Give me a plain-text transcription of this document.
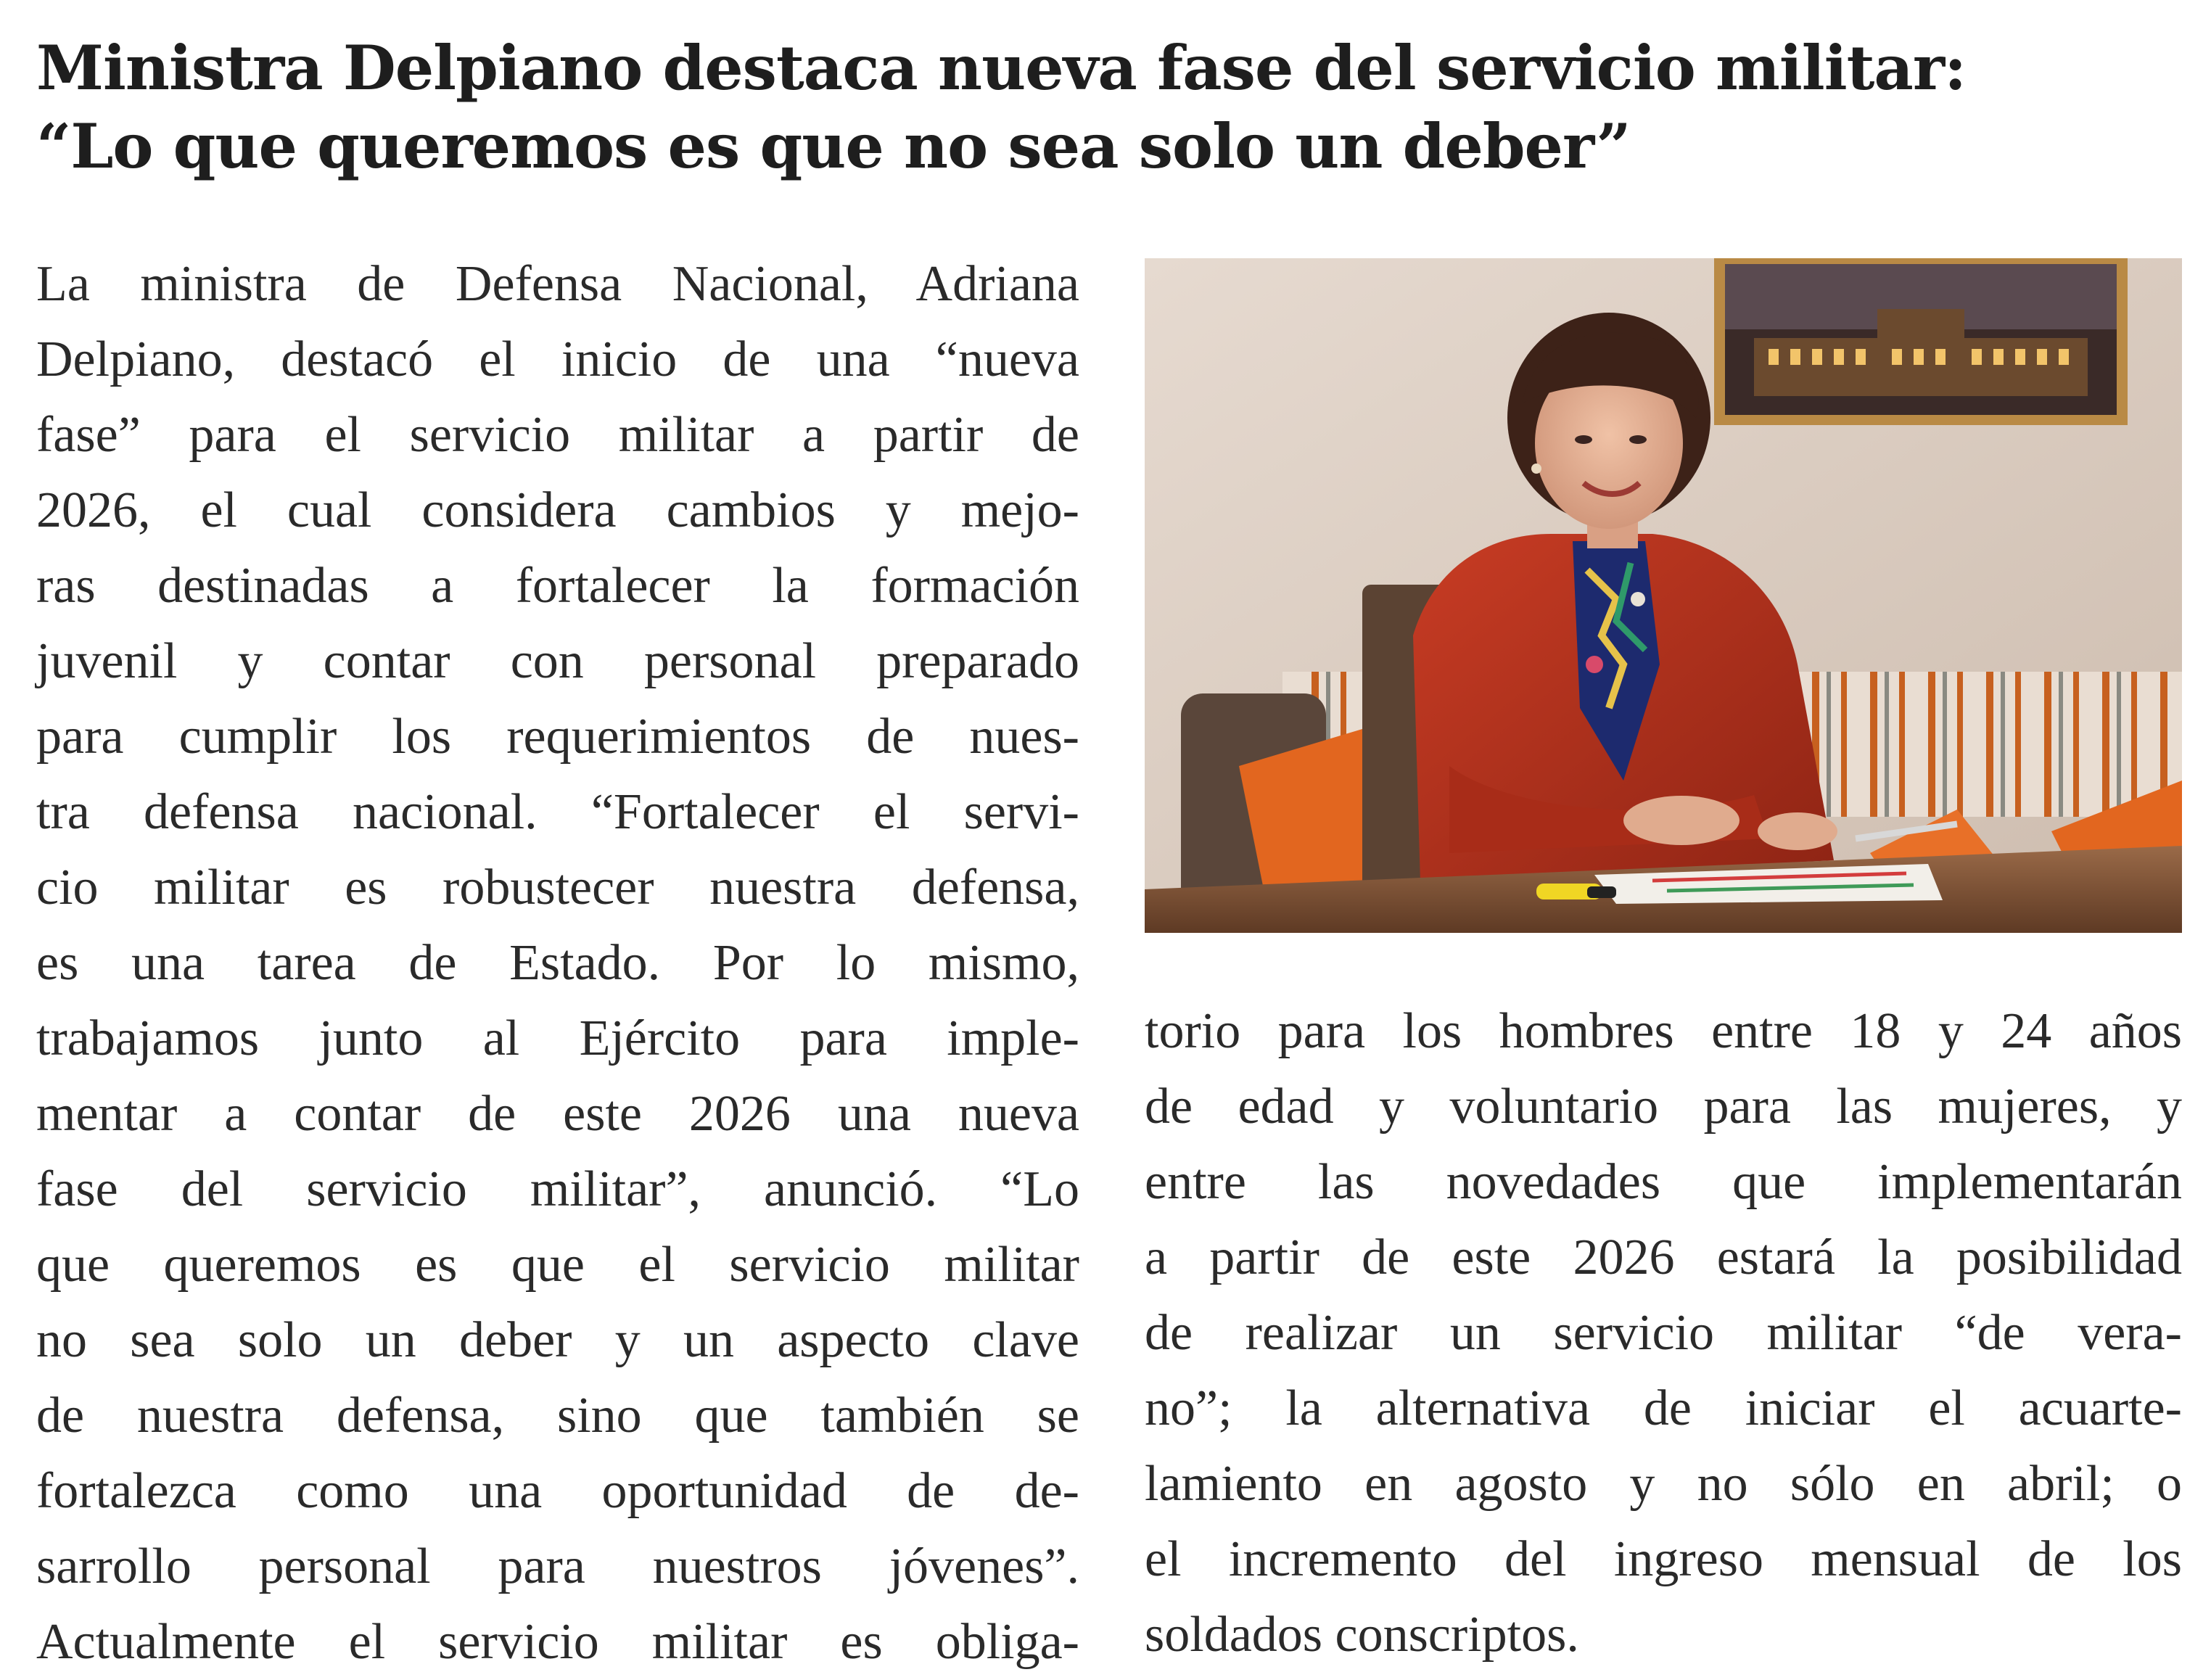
Ministra Delpiano destaca nueva fase del servicio militar:
“Lo que queremos es que no sea solo un deber”
La ministra de Defensa Nacional, Adriana
Delpiano, destacó el inicio de una “nueva
fase” para el servicio militar a partir de
2026, el cual considera cambios y mejo-
ras destinadas a fortalecer la formación
juvenil y contar con personal preparado
para cumplir los requerimientos de nues-
tra defensa nacional. “Fortalecer el servi-
cio militar es robustecer nuestra defensa,
es una tarea de Estado. Por lo mismo,
trabajamos junto al Ejército para imple-
mentar a contar de este 2026 una nueva
fase del servicio militar”, anunció. “Lo
que queremos es que el servicio militar
no sea solo un deber y un aspecto clave
de nuestra defensa, sino que también se
fortalezca como una oportunidad de de-
sarrollo personal para nuestros jóvenes”.
Actualmente el servicio militar es obliga-
torio para los hombres entre 18 y 24 años
de edad y voluntario para las mujeres, y
entre las novedades que implementarán
a partir de este 2026 estará la posibilidad
de realizar un servicio militar “de vera-
no”; la alternativa de iniciar el acuarte-
lamiento en agosto y no sólo en abril; o
el incremento del ingreso mensual de los
soldados conscriptos.
